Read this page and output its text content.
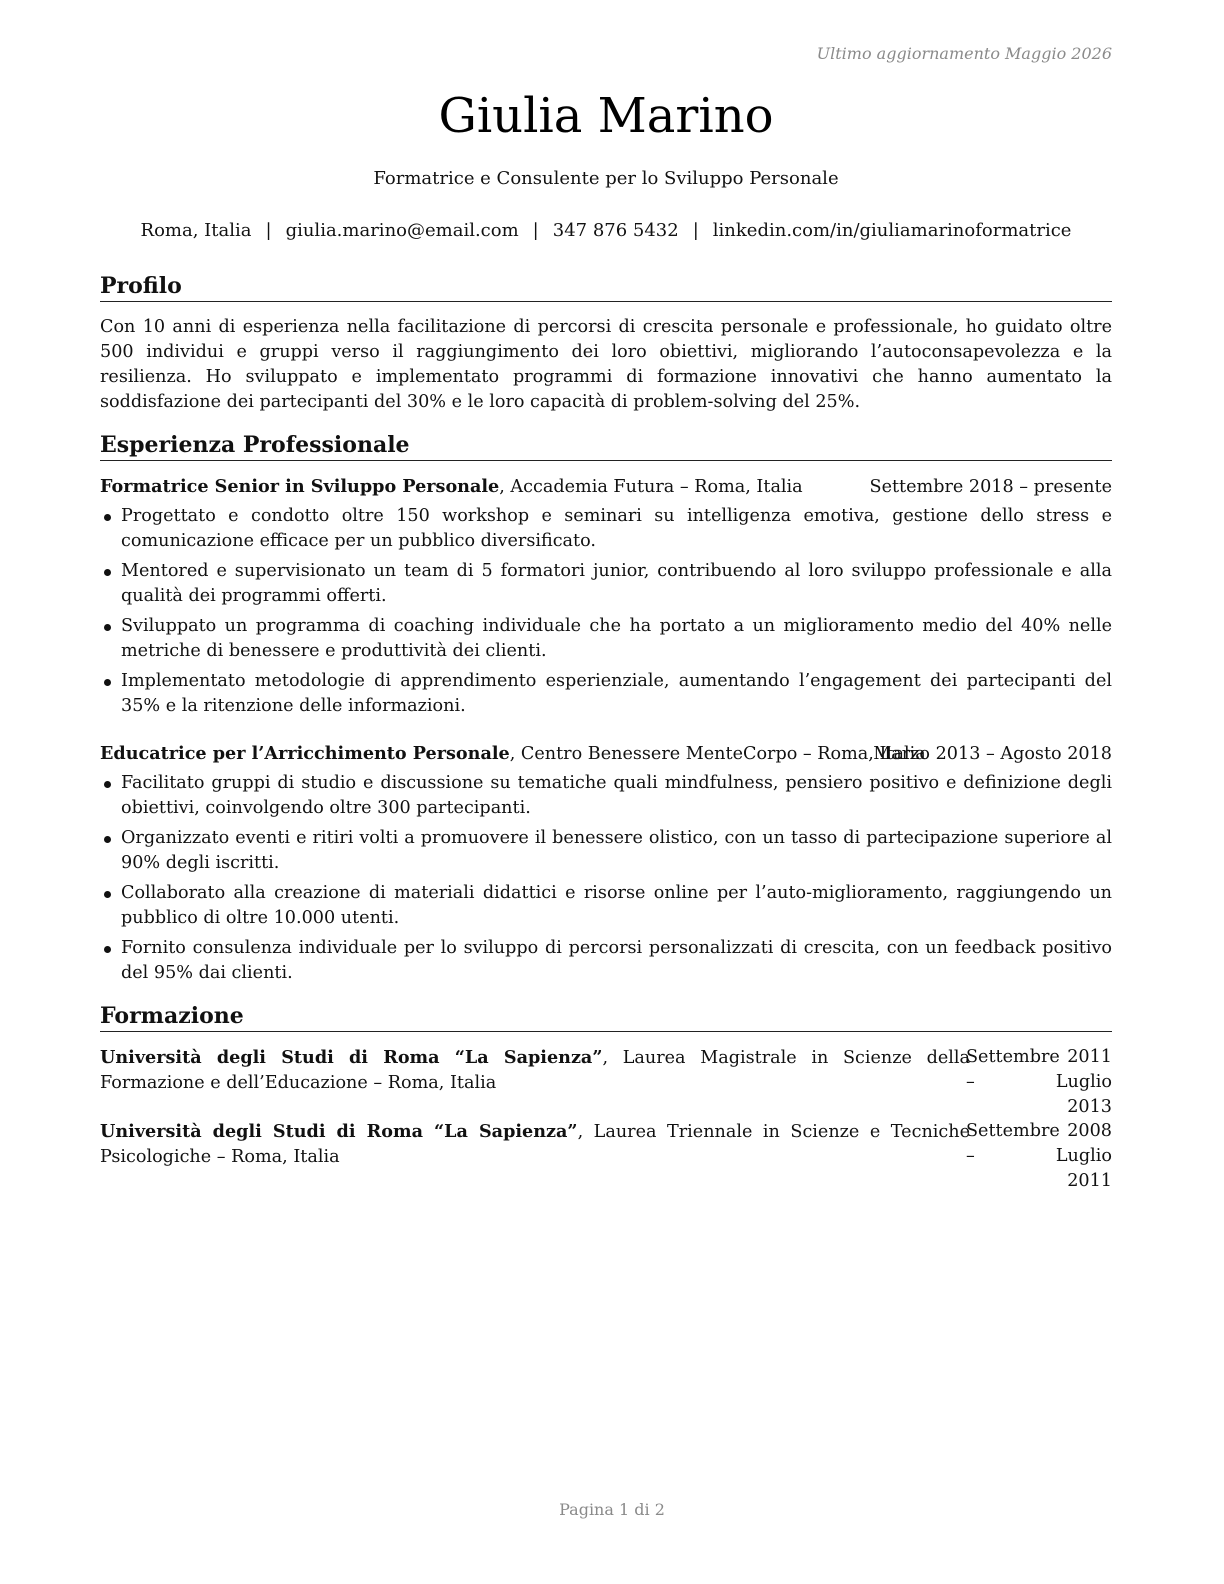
Ultimo aggiornamento Maggio 2026
Giulia Marino
Formatrice e Consulente per lo Sviluppo Personale
Roma, Italia | giulia.marino@email.com | 347 876 5432 | linkedin.com/in/giuliamarinoformatrice
Profilo
Con 10 anni di esperienza nella facilitazione di percorsi di crescita personale e professionale, ho guidato oltre 500 individui e gruppi verso il raggiungimento dei loro obiettivi, migliorando l’autoconsapevolezza e la resilienza. Ho sviluppato e implementato programmi di formazione innovativi che hanno aumentato la soddisfazione dei partecipanti del 30% e le loro capacità di problem-solving del 25%.
Esperienza Professionale
Formatrice Senior in Sviluppo Personale, Accademia Futura – Roma, Italia	Settembre 2018 – presente
Progettato e condotto oltre 150 workshop e seminari su intelligenza emotiva, gestione dello stress e comunicazione efficace per un pubblico diversificato.
Mentored e supervisionato un team di 5 formatori junior, contribuendo al loro sviluppo professionale e alla qualità dei programmi offerti.
Sviluppato un programma di coaching individuale che ha portato a un miglioramento medio del 40% nelle metriche di benessere e produttività dei clienti.
Implementato metodologie di apprendimento esperienziale, aumentando l’engagement dei partecipanti del 35% e la ritenzione delle informazioni.
Educatrice per l’Arricchimento Personale, Centro Benessere MenteCorpo – Roma, Italia
Marzo 2013 – Agosto 2018
Facilitato gruppi di studio e discussione su tematiche quali mindfulness, pensiero positivo e definizione degli obiettivi, coinvolgendo oltre 300 partecipanti.
Organizzato eventi e ritiri volti a promuovere il benessere olistico, con un tasso di partecipazione superiore al 90% degli iscritti.
Collaborato alla creazione di materiali didattici e risorse online per l’auto-miglioramento, raggiungendo un pubblico di oltre 10.000 utenti.
Fornito consulenza individuale per lo sviluppo di percorsi personalizzati di crescita, con un feedback positivo del 95% dai clienti.
Formazione
Università degli Studi di Roma “La Sapienza”, Laurea Magistrale in Scienze della Formazione e dell’Educazione – Roma, Italia
Settembre 2011 – Luglio
2013
Università degli Studi di Roma “La Sapienza”, Laurea Triennale in Scienze e Tecniche Psicologiche – Roma, Italia
Settembre 2008 – Luglio
2011
Pagina 1 di 2
